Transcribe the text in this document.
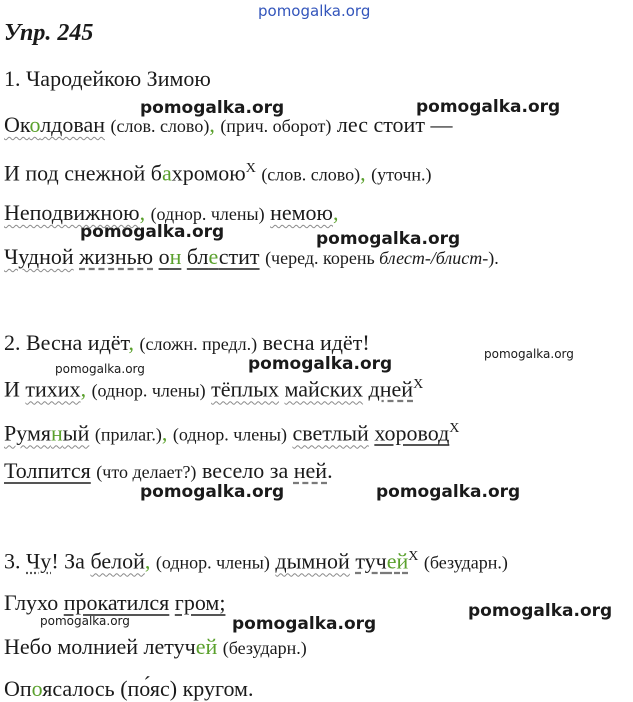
pomogalka.org
pomogalka.org	pomogalka.org
pomogalka.org	pomogalka.org
pomogalka.org	pomogalka.org
pomogalka.org
pomogalka.org	pomogalka.org
pomogalka.org
pomogalka.org	pomogalka.org
Упр. 245
1. Чародейкою Зимою
Околдован (слов. слово), (прич. оборот) лес стоит —
И под снежной бахромою$^X$ (слов. слово), (уточн.)
Неподвижною, (однор. члены) немою,
Чудной жизнью он блестит (черед. корень блест-/блист-).
2. Весна идёт, (сложн. предл.) весна идёт!
И тихих, (однор. члены) тёплых майских дней$^X$
Румяный (прилаг.), (однор. члены) светлый хоровод$^X$
Толпится (что делает?) весело за ней.
3. Чу! За белой, (однор. члены) дымной тучей$^X$ (безударн.)
Глухо прокатился гром;
Небо молнией летучей (безударн.)
Опоясалось (по́яс) кругом.
